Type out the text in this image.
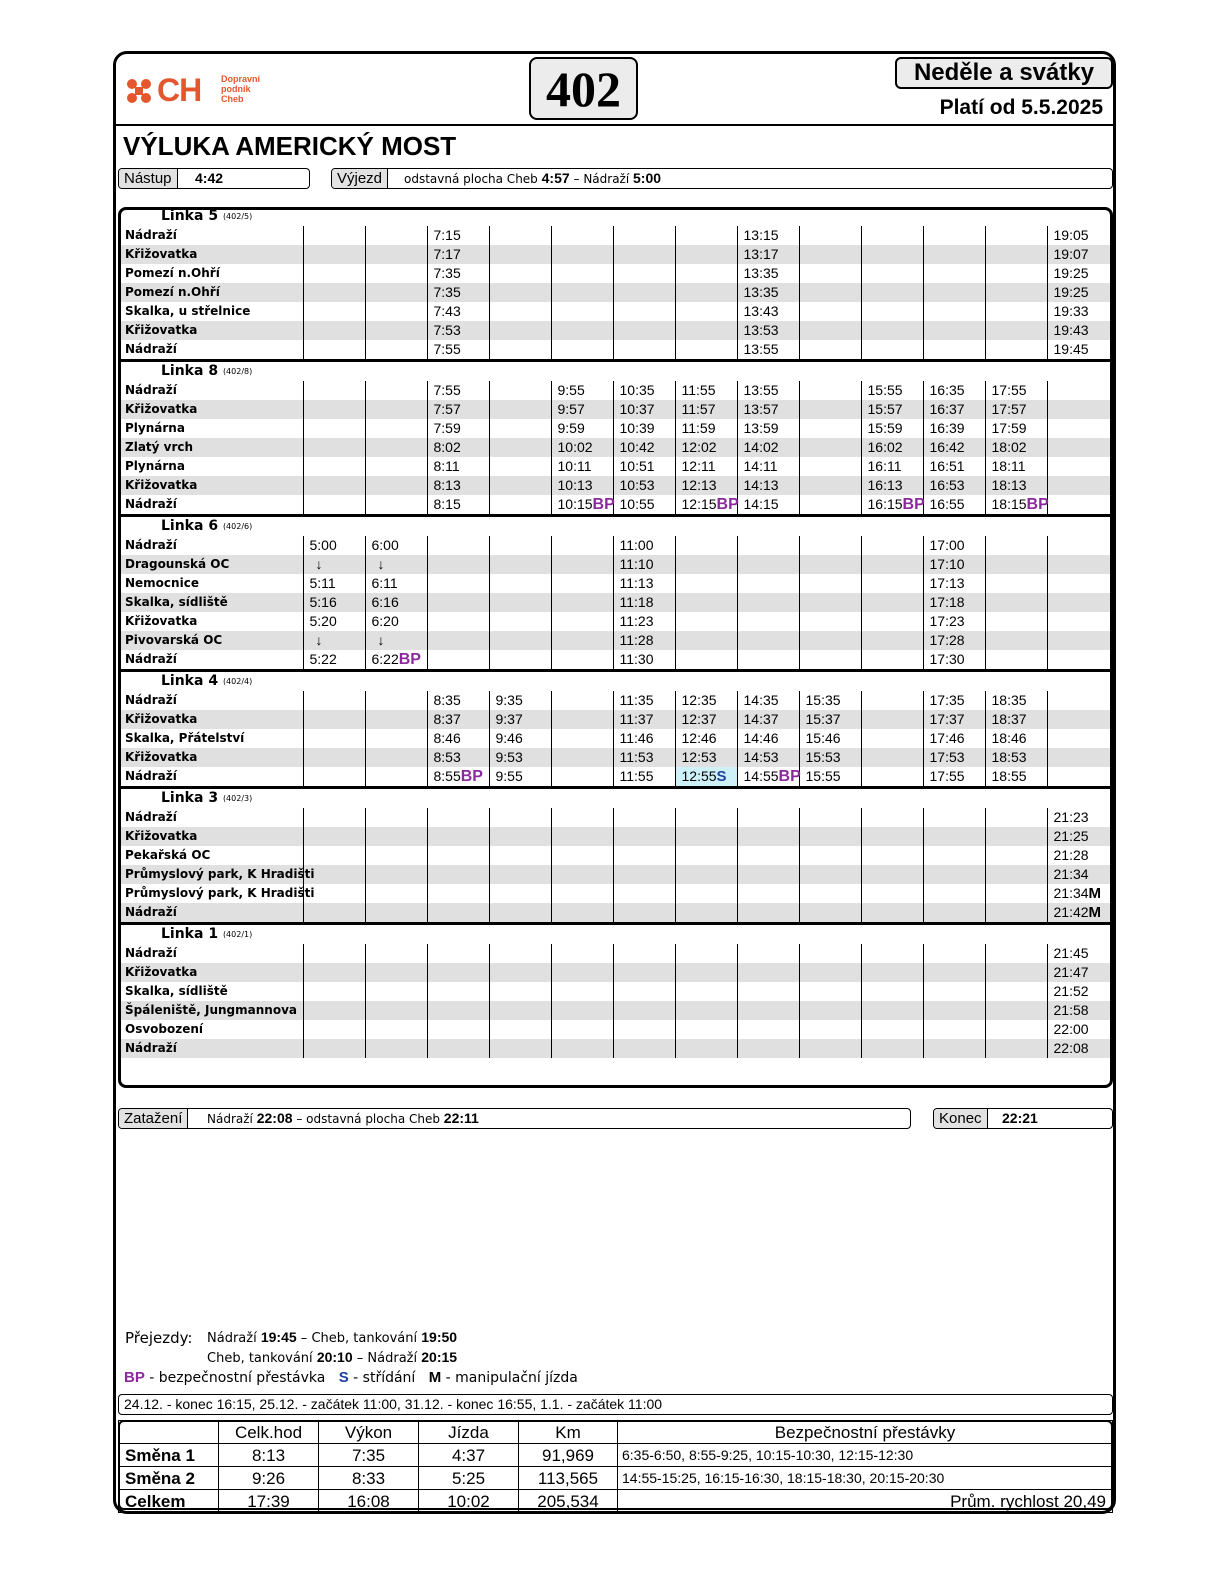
CH Dopravní
podnik
Cheb	402	Neděle a svátky
Platí od 5.5.2025
VÝLUKA AMERICKÝ MOST
Nástup	4:42	Výjezd	odstavná plocha Cheb 4:57 – Nádraží 5:00
Linka 5 $^{(402/5)}$
Nádraží			7:15					13:15					19:05
Křižovatka			7:17					13:17					19:07
Pomezí n.Ohří			7:35					13:35					19:25
Pomezí n.Ohří			7:35					13:35					19:25
Skalka, u střelnice			7:43					13:43					19:33
Křižovatka			7:53					13:53					19:43
Nádraží			7:55					13:55					19:45
Linka 8 $^{(402/8)}$
Nádraží			7:55		9:55	10:35	11:55	13:55		15:55	16:35	17:55	
Křižovatka			7:57		9:57	10:37	11:57	13:57		15:57	16:37	17:57	
Plynárna			7:59		9:59	10:39	11:59	13:59		15:59	16:39	17:59	
Zlatý vrch			8:02		10:02	10:42	12:02	14:02		16:02	16:42	18:02	
Plynárna			8:11		10:11	10:51	12:11	14:11		16:11	16:51	18:11	
Křižovatka			8:13		10:13	10:53	12:13	14:13		16:13	16:53	18:13	
Nádraží			8:15		10:15BP	10:55	12:15BP	14:15		16:15BP	16:55	18:15BP	
Linka 6 $^{(402/6)}$
Nádraží	5:00	6:00				11:00					17:00		
Dragounská OC	↓	↓				11:10					17:10		
Nemocnice	5:11	6:11				11:13					17:13		
Skalka, sídliště	5:16	6:16				11:18					17:18		
Křižovatka	5:20	6:20				11:23					17:23		
Pivovarská OC	↓	↓				11:28					17:28		
Nádraží	5:22	6:22BP				11:30					17:30		
Linka 4 $^{(402/4)}$
Nádraží			8:35	9:35		11:35	12:35	14:35	15:35		17:35	18:35	
Křižovatka			8:37	9:37		11:37	12:37	14:37	15:37		17:37	18:37	
Skalka, Přátelství			8:46	9:46		11:46	12:46	14:46	15:46		17:46	18:46	
Křižovatka			8:53	9:53		11:53	12:53	14:53	15:53		17:53	18:53	
Nádraží			8:55BP	9:55		11:55	12:55S	14:55BP	15:55		17:55	18:55	
Linka 3 $^{(402/3)}$
Nádraží													21:23
Křižovatka													21:25
Pekařská OC													21:28
Průmyslový park, K Hradišti													21:34
Průmyslový park, K Hradišti													21:34M
Nádraží													21:42M
Linka 1 $^{(402/1)}$
Nádraží													21:45
Křižovatka													21:47
Skalka, sídliště													21:52
Špáleniště, Jungmannova													21:58
Osvobození													22:00
Nádraží													22:08
Zatažení	Nádraží 22:08 – odstavná plocha Cheb 22:11	Konec	22:21
Přejezdy: Nádraží 19:45 – Cheb, tankování 19:50
Cheb, tankování 20:10 – Nádraží 20:15
BP - bezpečnostní přestávka S - střídání M - manipulační jízda
24.12. - konec 16:15, 25.12. - začátek 11:00, 31.12. - konec 16:55, 1.1. - začátek 11:00
	Celk.hod	Výkon	Jízda	Km	Bezpečnostní přestávky
Směna 1	8:13	7:35	4:37	91,969	6:35-6:50, 8:55-9:25, 10:15-10:30, 12:15-12:30
Směna 2	9:26	8:33	5:25	113,565	14:55-15:25, 16:15-16:30, 18:15-18:30, 20:15-20:30
Celkem	17:39	16:08	10:02	205,534	Prům. rychlost 20,49
